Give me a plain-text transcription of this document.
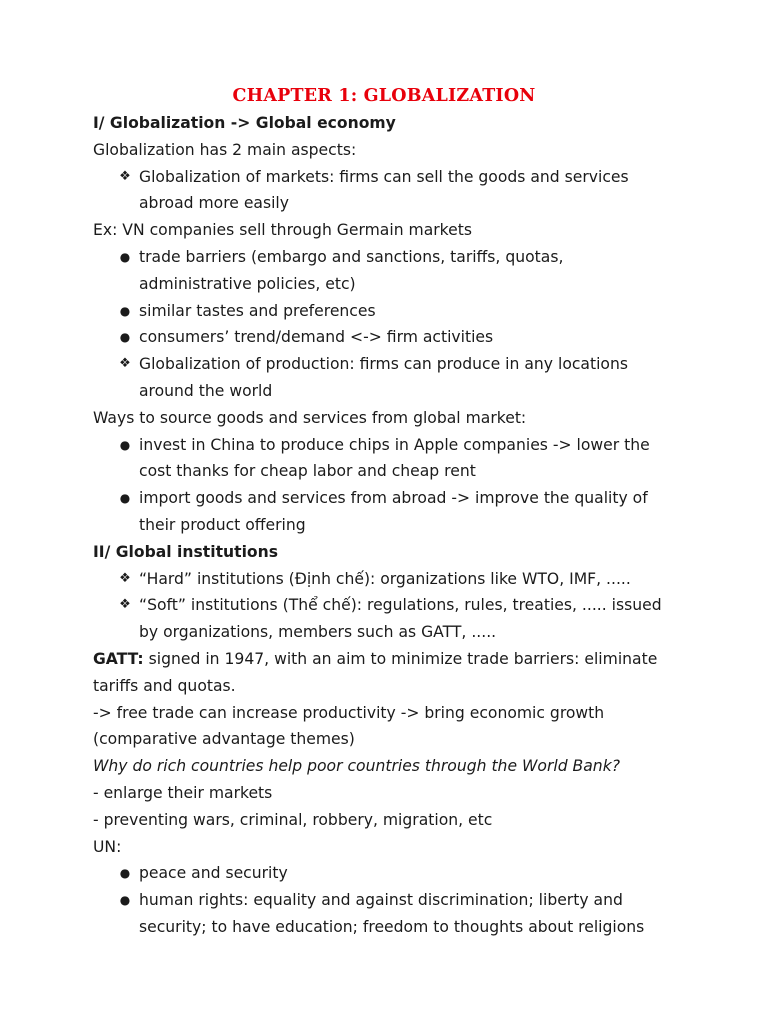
CHAPTER 1: GLOBALIZATION
I/ Globalization -> Global economy
Globalization has 2 main aspects:
❖ Globalization of markets: firms can sell the goods and services
abroad more easily
Ex: VN companies sell through Germain markets
● trade barriers (embargo and sanctions, tariffs, quotas,
administrative policies, etc)
● similar tastes and preferences
● consumers’ trend/demand <-> firm activities
❖ Globalization of production: firms can produce in any locations
around the world
Ways to source goods and services from global market:
● invest in China to produce chips in Apple companies -> lower the
cost thanks for cheap labor and cheap rent
● import goods and services from abroad -> improve the quality of
their product offering
II/ Global institutions
❖ “Hard” institutions (Định chế): organizations like WTO, IMF, .....
❖ “Soft” institutions (Thể chế): regulations, rules, treaties, ..... issued
by organizations, members such as GATT, .....
GATT: signed in 1947, with an aim to minimize trade barriers: eliminate
tariffs and quotas.
-> free trade can increase productivity -> bring economic growth
(comparative advantage themes)
Why do rich countries help poor countries through the World Bank?
- enlarge their markets
- preventing wars, criminal, robbery, migration, etc
UN:
● peace and security
● human rights: equality and against discrimination; liberty and
security; to have education; freedom to thoughts about religions
